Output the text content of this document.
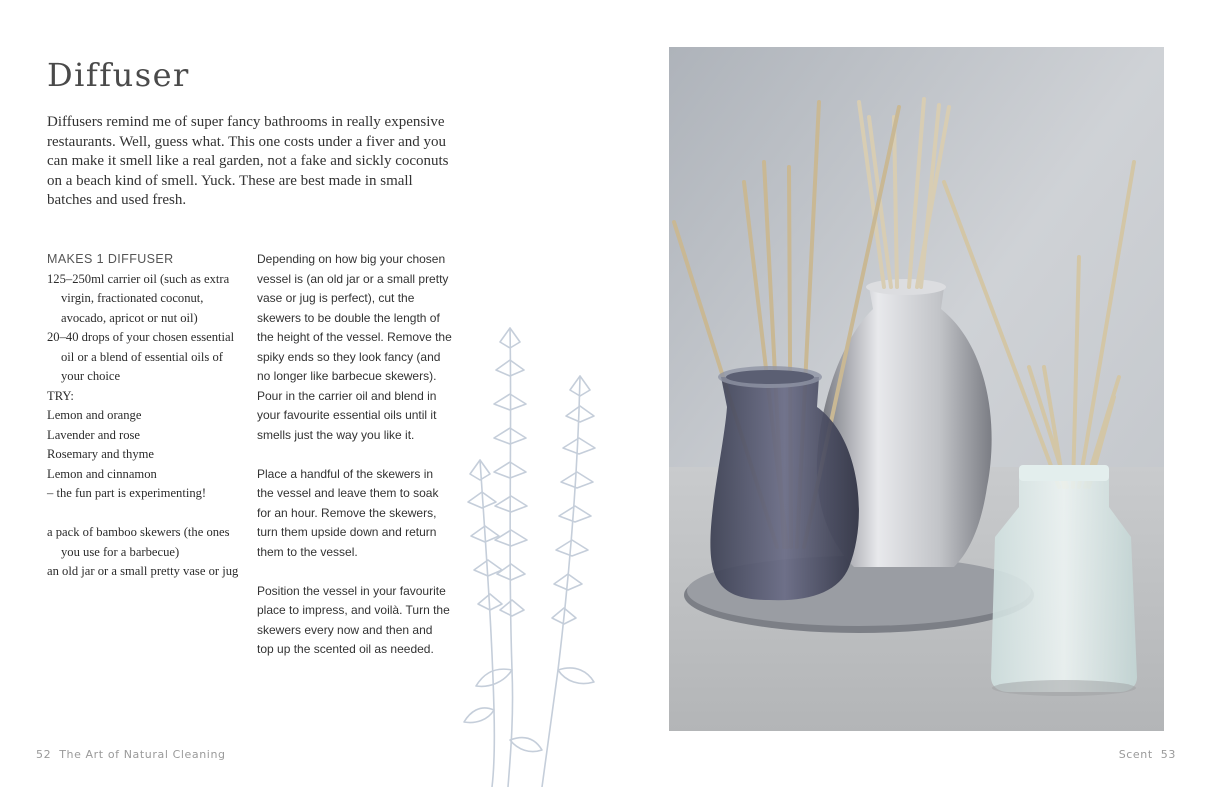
Diffuser

Diffusers remind me of super fancy bathrooms in really expensive restaurants. Well, guess what. This one costs under a fiver and you can make it smell like a real garden, not a fake and sickly coconuts on a beach kind of smell. Yuck. These are best made in small batches and used fresh.

MAKES 1 DIFFUSER
125–250ml carrier oil (such as extra virgin, fractionated coconut, avocado, apricot or nut oil)
20–40 drops of your chosen essential oil or a blend of essential oils of your choice
TRY:
Lemon and orange
Lavender and rose
Rosemary and thyme
Lemon and cinnamon
– the fun part is experimenting!
a pack of bamboo skewers (the ones you use for a barbecue)
an old jar or a small pretty vase or jug

Depending on how big your chosen vessel is (an old jar or a small pretty vase or jug is perfect), cut the skewers to be double the length of the height of the vessel. Remove the spiky ends so they look fancy (and no longer like barbecue skewers). Pour in the carrier oil and blend in your favourite essential oils until it smells just the way you like it.

Place a handful of the skewers in the vessel and leave them to soak for an hour. Remove the skewers, turn them upside down and return them to the vessel.

Position the vessel in your favourite place to impress, and voilà. Turn the skewers every now and then and top up the scented oil as needed.

52 The Art of Natural Cleaning	Scent 53
